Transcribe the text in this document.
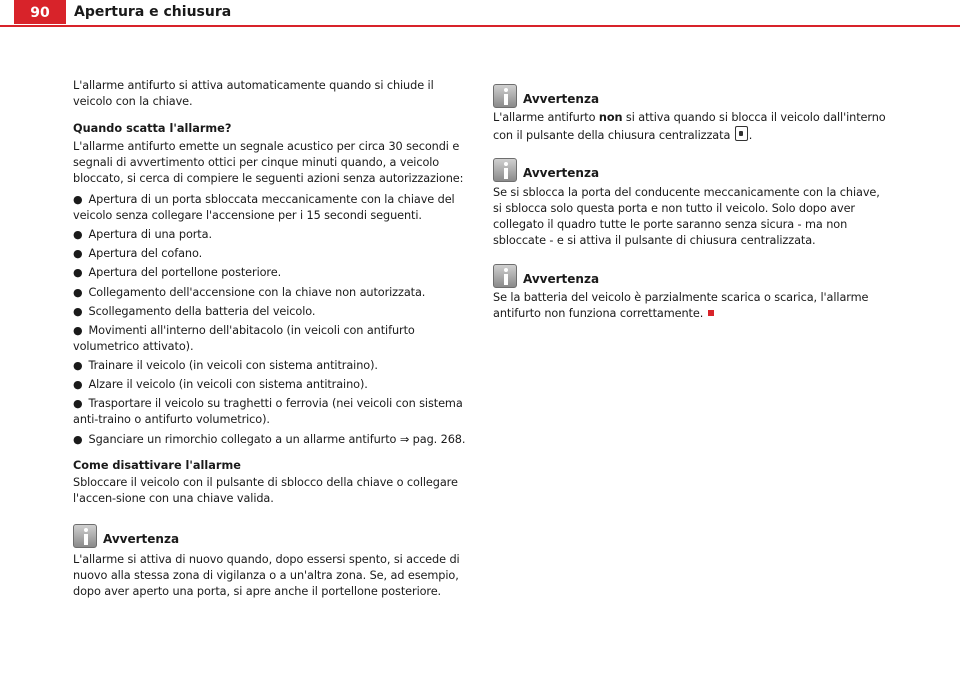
90	Apertura e chiusura

L'allarme antifurto si attiva automaticamente quando si chiude il veicolo con la chiave.

Quando scatta l'allarme?

L'allarme antifurto emette un segnale acustico per circa 30 secondi e segnali di avvertimento ottici per cinque minuti quando, a veicolo bloccato, si cerca di compiere le seguenti azioni senza autorizzazione:

● Apertura di un porta sbloccata meccanicamente con la chiave del veicolo senza collegare l'accensione per i 15 secondi seguenti.

● Apertura di una porta.

● Apertura del cofano.

● Apertura del portellone posteriore.

● Collegamento dell'accensione con la chiave non autorizzata.

● Scollegamento della batteria del veicolo.

● Movimenti all'interno dell'abitacolo (in veicoli con antifurto volumetrico attivato).

● Trainare il veicolo (in veicoli con sistema antitraino).

● Alzare il veicolo (in veicoli con sistema antitraino).

● Trasportare il veicolo su traghetti o ferrovia (nei veicoli con sistema anti-traino o antifurto volumetrico).

● Sganciare un rimorchio collegato a un allarme antifurto ⇒ pag. 268.

Come disattivare l'allarme

Sbloccare il veicolo con il pulsante di sblocco della chiave o collegare l'accen-sione con una chiave valida.

Avvertenza

L'allarme si attiva di nuovo quando, dopo essersi spento, si accede di nuovo alla stessa zona di vigilanza o a un'altra zona. Se, ad esempio, dopo aver aperto una porta, si apre anche il portellone posteriore.

Avvertenza

L'allarme antifurto non si attiva quando si blocca il veicolo dall'interno con il pulsante della chiusura centralizzata .

Avvertenza

Se si sblocca la porta del conducente meccanicamente con la chiave, si sblocca solo questa porta e non tutto il veicolo. Solo dopo aver collegato il quadro tutte le porte saranno senza sicura - ma non sbloccate - e si attiva il pulsante di chiusura centralizzata.

Avvertenza

Se la batteria del veicolo è parzialmente scarica o scarica, l'allarme antifurto non funziona correttamente.
